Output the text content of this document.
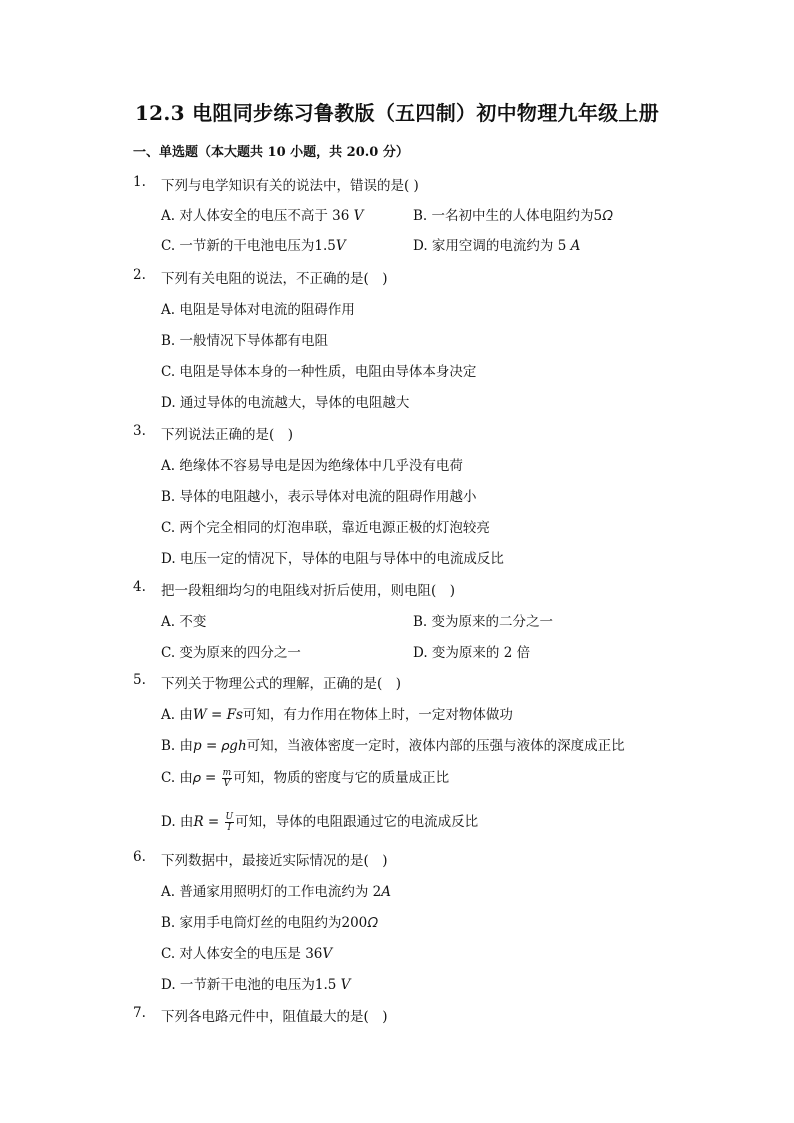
12.3 电阻同步练习鲁教版（五四制）初中物理九年级上册
一、单选题（本大题共 10 小题，共 20.0 分）
1. 下列与电学知识有关的说法中，错误的是( )
A. 对人体安全的电压不高于 36 𝑉	B. 一名初中生的人体电阻约为5𝛺
C. 一节新的干电池电压为1.5𝑉	D. 家用空调的电流约为 5 𝐴
2. 下列有关电阻的说法，不正确的是(　)
A. 电阻是导体对电流的阻碍作用
B. 一般情况下导体都有电阻
C. 电阻是导体本身的一种性质，电阻由导体本身决定
D. 通过导体的电流越大，导体的电阻越大
3. 下列说法正确的是(　)
A. 绝缘体不容易导电是因为绝缘体中几乎没有电荷
B. 导体的电阻越小，表示导体对电流的阻碍作用越小
C. 两个完全相同的灯泡串联，靠近电源正极的灯泡较亮
D. 电压一定的情况下，导体的电阻与导体中的电流成反比
4. 把一段粗细均匀的电阻线对折后使用，则电阻(　)
A. 不变	B. 变为原来的二分之一
C. 变为原来的四分之一	D. 变为原来的 2 倍
5. 下列关于物理公式的理解，正确的是(　)
A. 由𝑊 = 𝐹𝑠可知，有力作用在物体上时，一定对物体做功
B. 由𝑝 = 𝜌𝑔ℎ可知，当液体密度一定时，液体内部的压强与液体的深度成正比
C. 由𝜌 = $\frac{m}{V}$ 可知，物质的密度与它的质量成正比
D. 由𝑅 = $\frac{U}{I}$ 可知，导体的电阻跟通过它的电流成反比
6. 下列数据中，最接近实际情况的是(　)
A. 普通家用照明灯的工作电流约为 2𝐴
B. 家用手电筒灯丝的电阻约为200𝛺
C. 对人体安全的电压是 36𝑉
D. 一节新干电池的电压为1.5 𝑉
7. 下列各电路元件中，阻值最大的是(　)
